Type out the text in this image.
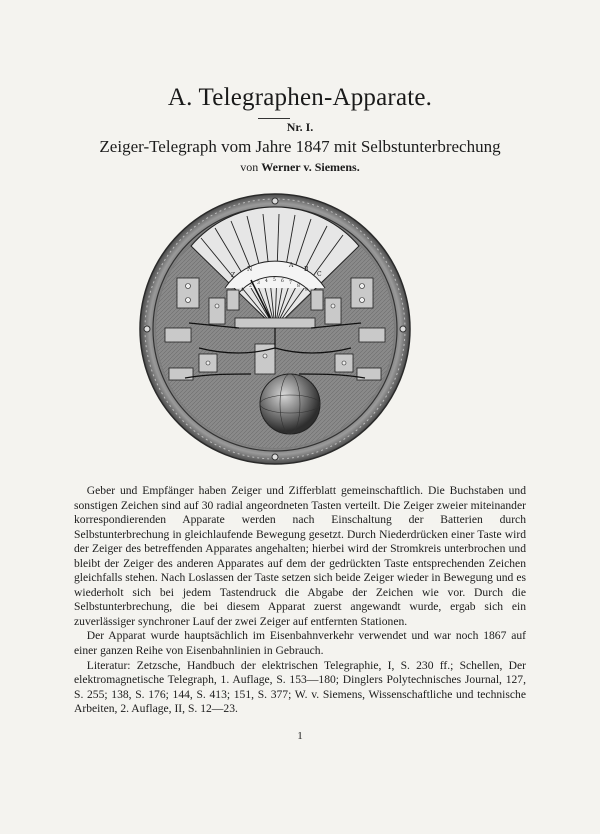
A. Telegraphen-Apparate.
Nr. I.
Zeiger-Telegraph vom Jahre 1847 mit Selbstunterbrechung
von Werner v. Siemens.
Z
N
A
B
C
1
2
3 4 5 6 7
8
9

Geber und Empfänger haben Zeiger und Zifferblatt gemeinschaftlich. Die Buchstaben und sonstigen Zeichen sind auf 30 radial angeordneten Tasten verteilt. Die Zeiger zweier miteinander korrespondierenden Apparate werden nach Einschaltung der Batterien durch Selbstunterbrechung in gleichlaufende Bewegung gesetzt. Durch Niederdrücken einer Taste wird der Zeiger des betreffenden Apparates angehalten; hierbei wird der Stromkreis unterbrochen und bleibt der Zeiger des anderen Apparates auf dem der gedrückten Taste entsprechenden Zeichen gleichfalls stehen. Nach Loslassen der Taste setzen sich beide Zeiger wieder in Bewegung und es wiederholt sich bei jedem Tastendruck die Abgabe der Zeichen wie vor. Durch die Selbstunterbrechung, die bei diesem Apparat zuerst angewandt wurde, ergab sich ein zuverlässiger synchroner Lauf der zwei Zeiger auf entfernten Stationen.

Der Apparat wurde hauptsächlich im Eisenbahnverkehr verwendet und war noch 1867 auf einer ganzen Reihe von Eisenbahnlinien in Gebrauch.

Literatur: Zetzsche, Handbuch der elektrischen Telegraphie, I, S. 230 ff.; Schellen, Der elektromagnetische Telegraph, 1. Auflage, S. 153—180; Dinglers Polytechnisches Journal, 127, S. 255; 138, S. 176; 144, S. 413; 151, S. 377; W. v. Siemens, Wissenschaftliche und technische Arbeiten, 2. Auflage, II, S. 12—23.

1
